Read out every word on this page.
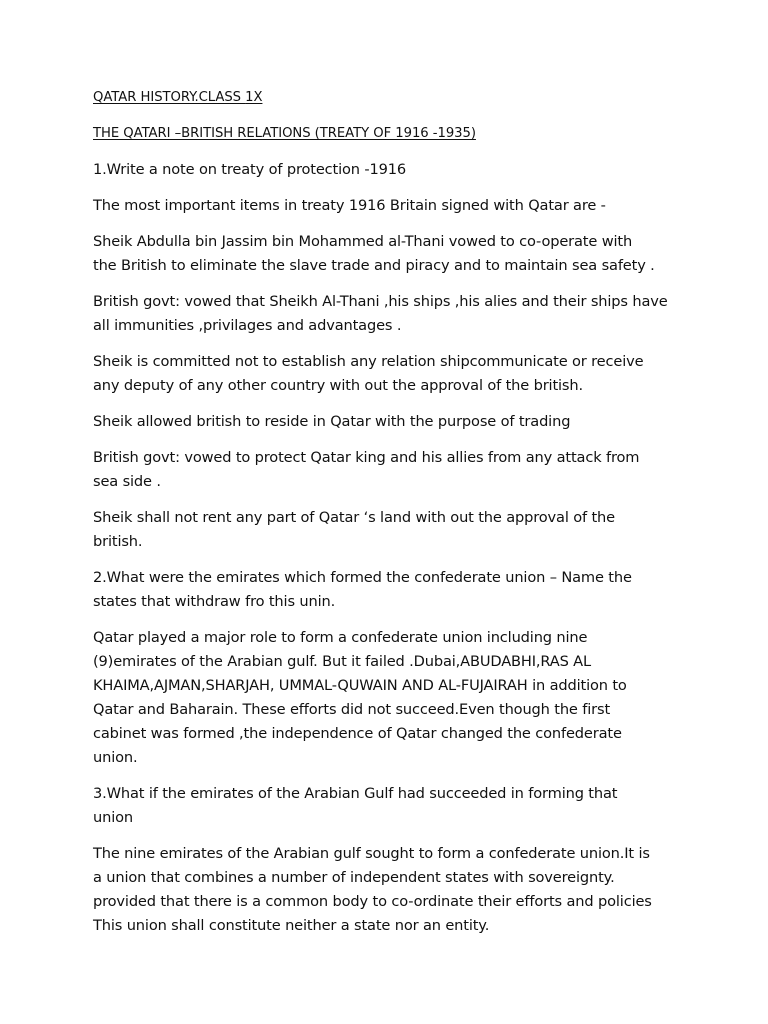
QATAR HISTORY.CLASS 1X
THE QATARI –BRITISH RELATIONS (TREATY OF 1916 -1935)
1.Write a note on treaty of protection -1916
The most important items in treaty 1916 Britain signed with Qatar are -
Sheik Abdulla bin Jassim bin Mohammed al-Thani vowed to co-operate with
the British to eliminate the slave trade and piracy and to maintain sea safety .
British govt: vowed that Sheikh Al-Thani ,his ships ,his alies and their ships have
all immunities ,privilages and advantages .
Sheik is committed not to establish any relation shipcommunicate or receive
any deputy of any other country with out the approval of the british.
Sheik allowed british to reside in Qatar with the purpose of trading
British govt: vowed to protect Qatar king and his allies from any attack from
sea side .
Sheik shall not rent any part of Qatar ‘s land with out the approval of the
british.
2.What were the emirates which formed the confederate union – Name the
states that withdraw fro this unin.
Qatar played a major role to form a confederate union including nine
(9)emirates of the Arabian gulf. But it failed .Dubai,ABUDABHI,RAS AL
KHAIMA,AJMAN,SHARJAH, UMMAL-QUWAIN AND AL-FUJAIRAH in addition to
Qatar and Baharain. These efforts did not succeed.Even though the first
cabinet was formed ,the independence of Qatar changed the confederate
union.
3.What if the emirates of the Arabian Gulf had succeeded in forming that
union
The nine emirates of the Arabian gulf sought to form a confederate union.It is
a union that combines a number of independent states with sovereignty.
provided that there is a common body to co-ordinate their efforts and policies
This union shall constitute neither a state nor an entity.
